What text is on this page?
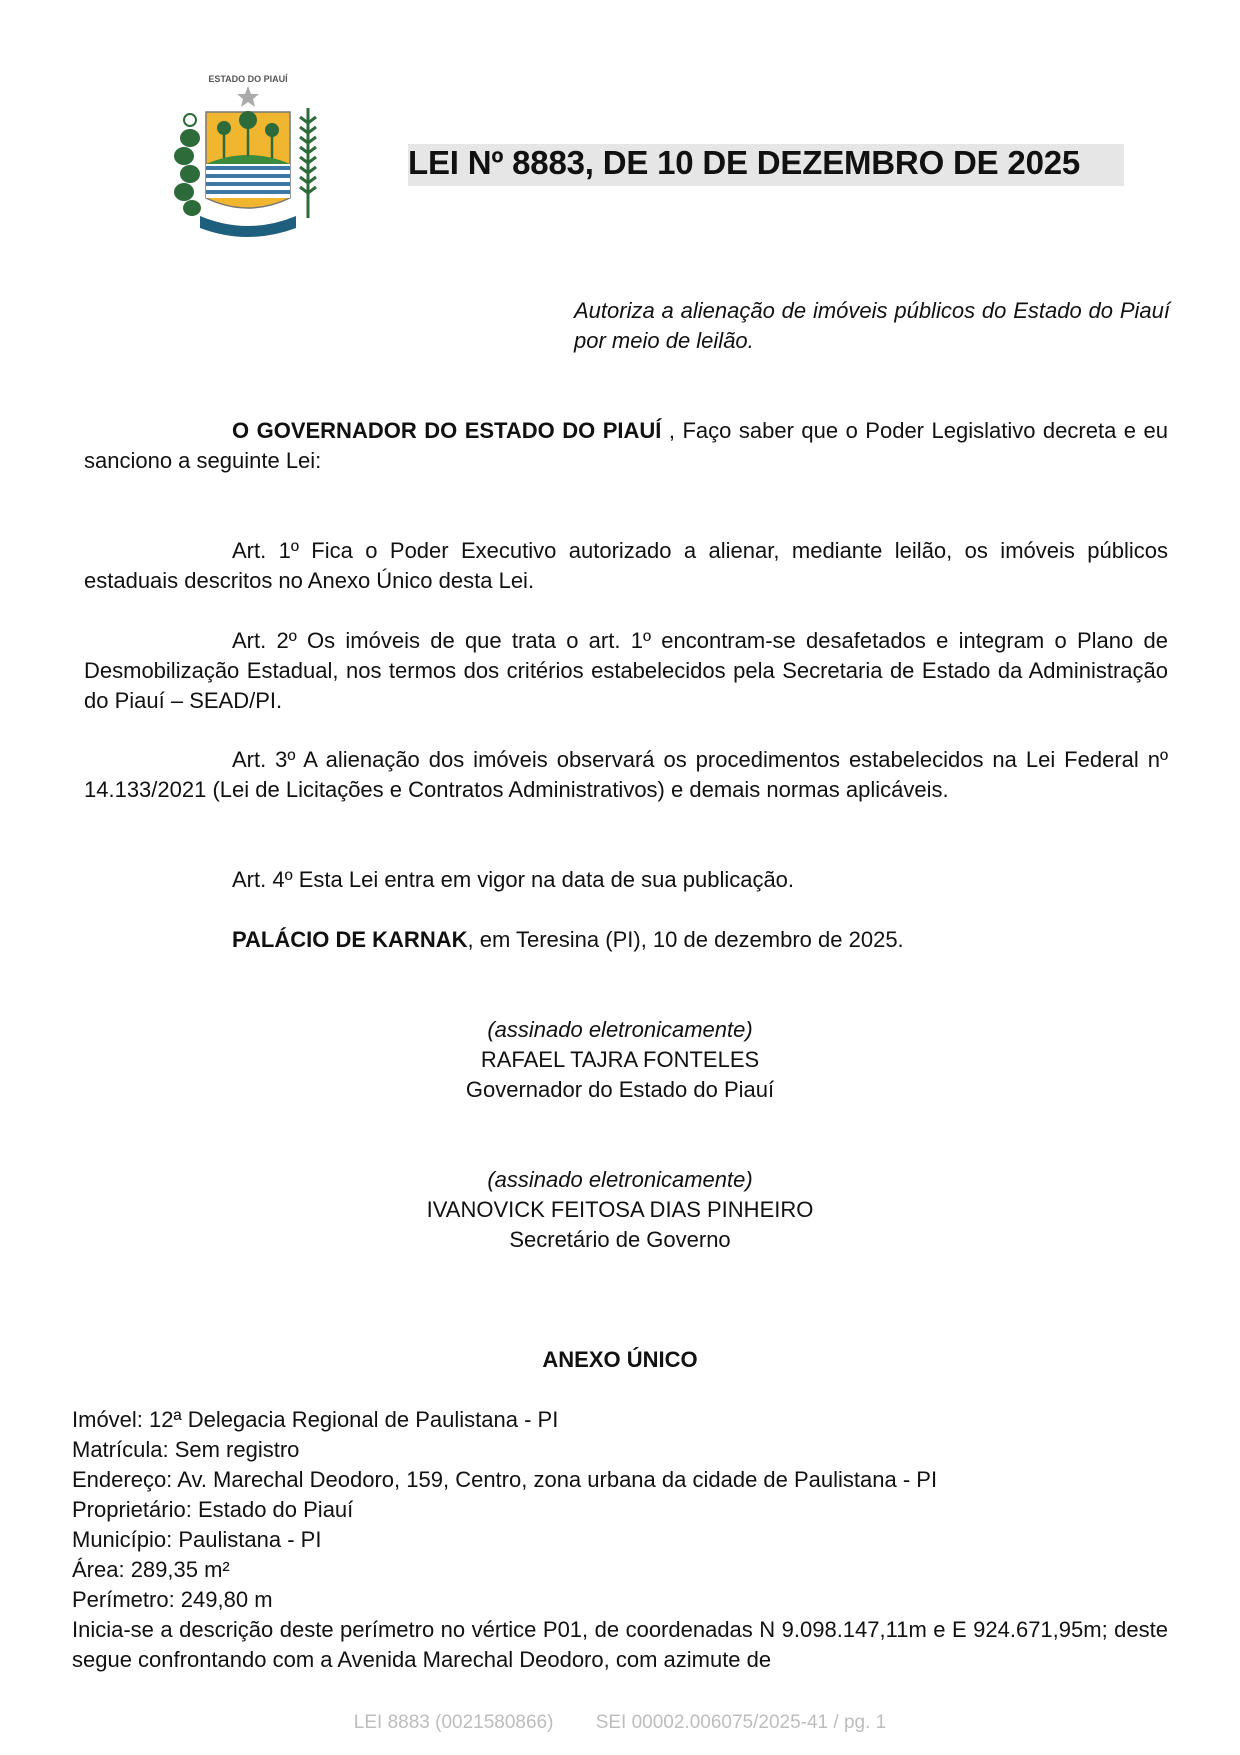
ESTADO DO PIAUÍ
LEI Nº 8883, DE 10 DE DEZEMBRO DE 2025
Autoriza a alienação de imóveis públicos do Estado do Piauí por meio de leilão.
O GOVERNADOR DO ESTADO DO PIAUÍ , Faço saber que o Poder Legislativo decreta e eu sanciono a seguinte Lei:
Art. 1º Fica o Poder Executivo autorizado a alienar, mediante leilão, os imóveis públicos estaduais descritos no Anexo Único desta Lei.
Art. 2º Os imóveis de que trata o art. 1º encontram-se desafetados e integram o Plano de Desmobilização Estadual, nos termos dos critérios estabelecidos pela Secretaria de Estado da Administração do Piauí – SEAD/PI.
Art. 3º A alienação dos imóveis observará os procedimentos estabelecidos na Lei Federal nº 14.133/2021 (Lei de Licitações e Contratos Administrativos) e demais normas aplicáveis.
Art. 4º Esta Lei entra em vigor na data de sua publicação.
PALÁCIO DE KARNAK, em Teresina (PI), 10 de dezembro de 2025.
(assinado eletronicamente)
RAFAEL TAJRA FONTELES
Governador do Estado do Piauí
(assinado eletronicamente)
IVANOVICK FEITOSA DIAS PINHEIRO
Secretário de Governo
ANEXO ÚNICO
Imóvel: 12ª Delegacia Regional de Paulistana - PI
Matrícula: Sem registro
Endereço: Av. Marechal Deodoro, 159, Centro, zona urbana da cidade de Paulistana - PI
Proprietário: Estado do Piauí
Município: Paulistana - PI
Área: 289,35 m²
Perímetro: 249,80 m
Inicia-se a descrição deste perímetro no vértice P01, de coordenadas N 9.098.147,11m e E 924.671,95m; deste segue confrontando com a Avenida Marechal Deodoro, com azimute de
LEI 8883 (0021580866) SEI 00002.006075/2025-41 / pg. 1
